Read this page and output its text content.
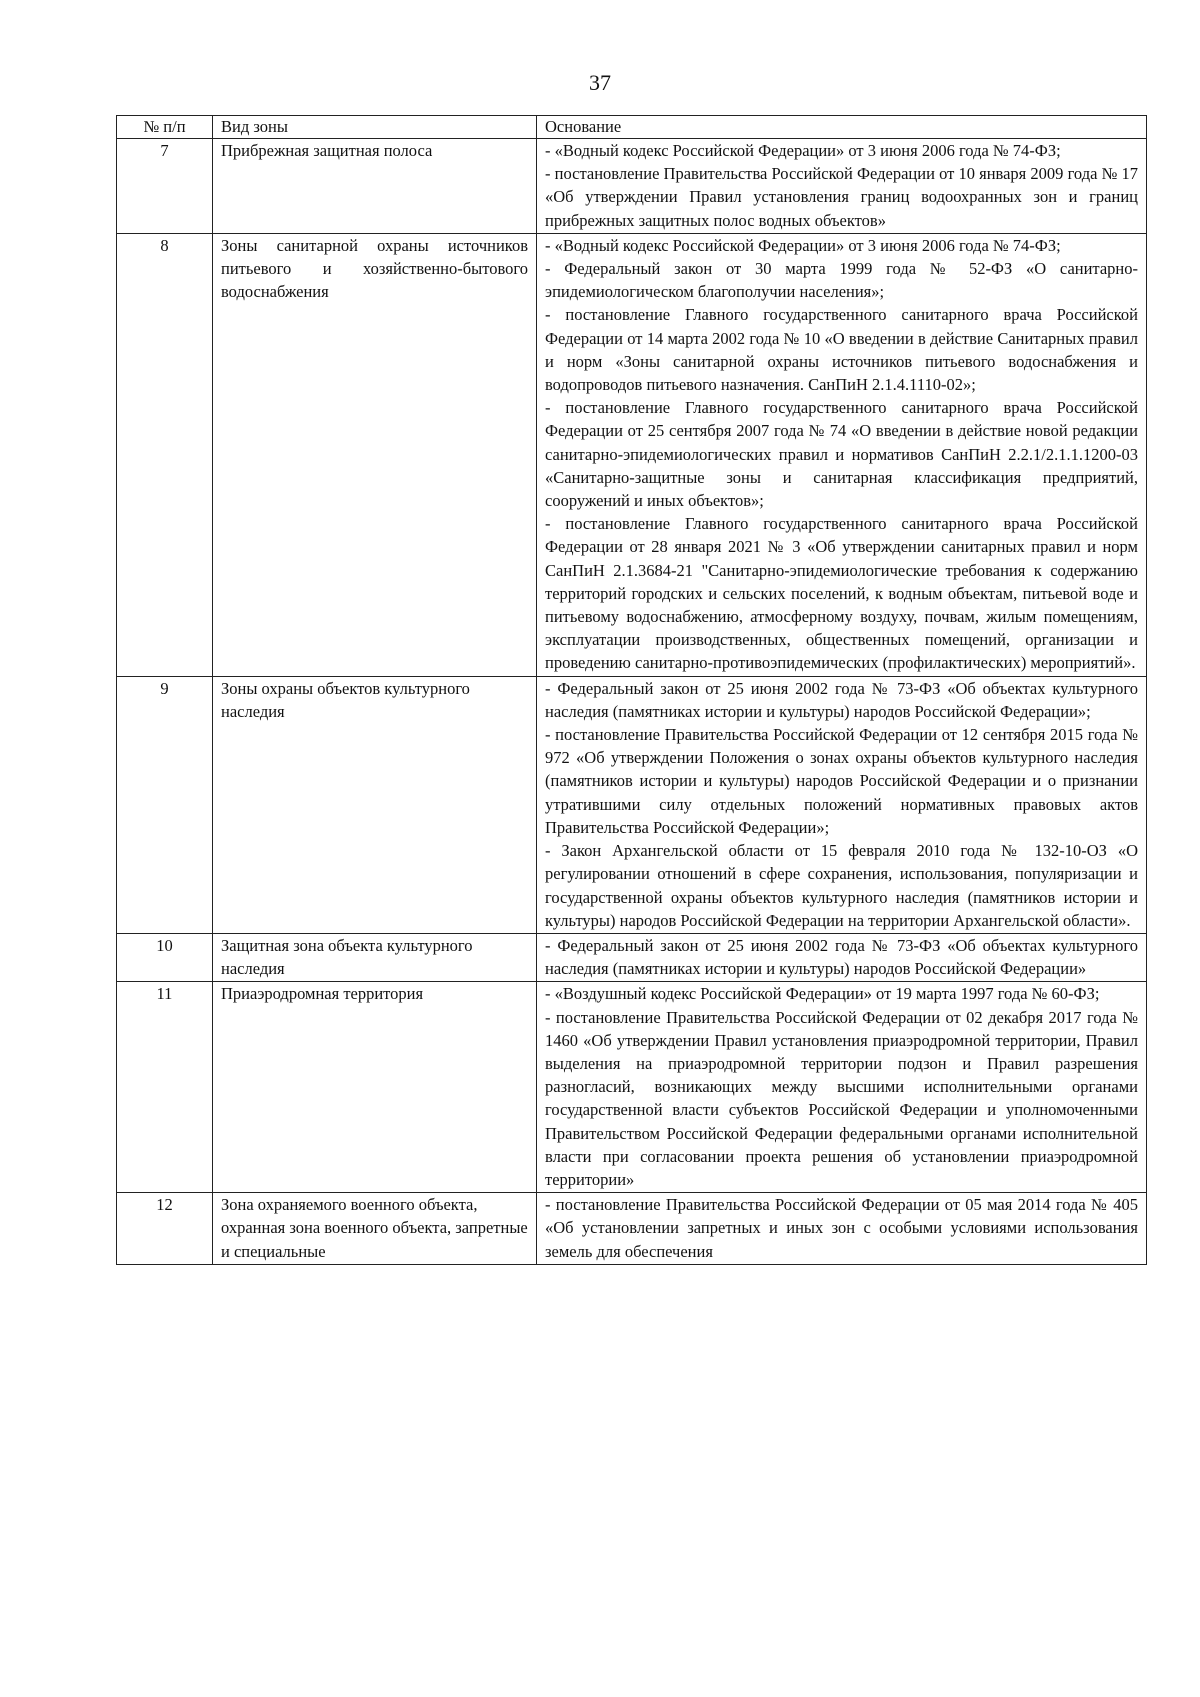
37
№ п/п	Вид зоны	Основание
7	Прибрежная защитная полоса	- «Водный кодекс Российской Федерации» от 3 июня 2006 года № 74-ФЗ;
- постановление Правительства Российской Федерации от 10 января 2009 года № 17 «Об утверждении Правил установления границ водоохранных зон и границ прибрежных защитных полос водных объектов»

8	Зоны санитарной охраны источников питьевого и хозяйственно-бытового водоснабжения	- «Водный кодекс Российской Федерации» от 3 июня 2006 года № 74-ФЗ;
- Федеральный закон от 30 марта 1999 года № 52-ФЗ «О санитарно-эпидемиологическом благополучии населения»;
- постановление Главного государственного санитарного врача Российской Федерации от 14 марта 2002 года № 10 «О введении в действие Санитарных правил и норм «Зоны санитарной охраны источников питьевого водоснабжения и водопроводов питьевого назначения. СанПиН 2.1.4.1110-02»;
- постановление Главного государственного санитарного врача Российской Федерации от 25 сентября 2007 года № 74 «О введении в действие новой редакции санитарно-эпидемиологических правил и нормативов СанПиН 2.2.1/2.1.1.1200-03 «Санитарно-защитные зоны и санитарная классификация предприятий, сооружений и иных объектов»;
- постановление Главного государственного санитарного врача Российской Федерации от 28 января 2021 № 3 «Об утверждении санитарных правил и норм СанПиН 2.1.3684-21 "Санитарно-эпидемиологические требования к содержанию территорий городских и сельских поселений, к водным объектам, питьевой воде и питьевому водоснабжению, атмосферному воздуху, почвам, жилым помещениям, эксплуатации производственных, общественных помещений, организации и проведению санитарно-противоэпидемических (профилактических) мероприятий».

9	Зоны охраны объектов культурного наследия	- Федеральный закон от 25 июня 2002 года № 73-ФЗ «Об объектах культурного наследия (памятниках истории и культуры) народов Российской Федерации»;
- постановление Правительства Российской Федерации от 12 сентября 2015 года № 972 «Об утверждении Положения о зонах охраны объектов культурного наследия (памятников истории и культуры) народов Российской Федерации и о признании утратившими силу отдельных положений нормативных правовых актов Правительства Российской Федерации»;
- Закон Архангельской области от 15 февраля 2010 года № 132-10-ОЗ «О регулировании отношений в сфере сохранения, использования, популяризации и государственной охраны объектов культурного наследия (памятников истории и культуры) народов Российской Федерации на территории Архангельской области».

10	Защитная зона объекта культурного наследия	- Федеральный закон от 25 июня 2002 года № 73-ФЗ «Об объектах культурного наследия (памятниках истории и культуры) народов Российской Федерации»

11	Приаэродромная территория	- «Воздушный кодекс Российской Федерации» от 19 марта 1997 года № 60-ФЗ;
- постановление Правительства Российской Федерации от 02 декабря 2017 года № 1460 «Об утверждении Правил установления приаэродромной территории, Правил выделения на приаэродромной территории подзон и Правил разрешения разногласий, возникающих между высшими исполнительными органами государственной власти субъектов Российской Федерации и уполномоченными Правительством Российской Федерации федеральными органами исполнительной власти при согласовании проекта решения об установлении приаэродромной территории»

12	Зона охраняемого военного объекта, охранная зона военного объекта, запретные и специальные	- постановление Правительства Российской Федерации от 05 мая 2014 года № 405 «Об установлении запретных и иных зон с особыми условиями использования земель для обеспечения
